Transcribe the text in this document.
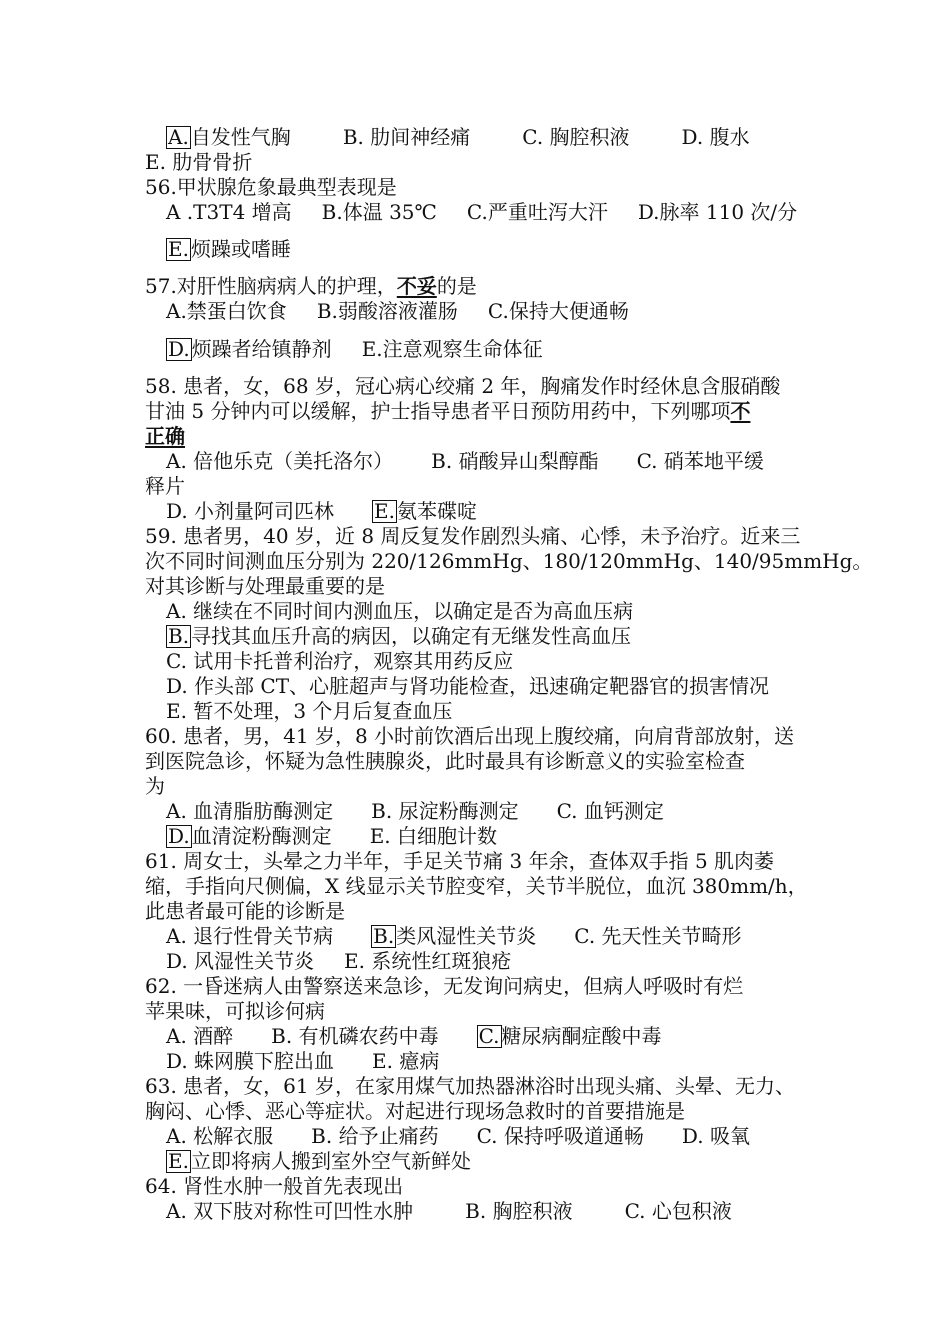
A. 自发性气胸	B. 肋间神经痛	C. 胸腔积液	D. 腹水
E. 肋骨骨折
56.甲状腺危象最典型表现是
A .T3T4 增高 B.体温 35℃ C.严重吐泻大汗 D.脉率 110 次/分
E. 烦躁或嗜睡
57.对肝性脑病病人的护理，不妥的是
A.禁蛋白饮食 B.弱酸溶液灌肠 C.保持大便通畅
D. 烦躁者给镇静剂 E.注意观察生命体征
58. 患者，女，68 岁，冠心病心绞痛 2 年，胸痛发作时经休息含服硝酸
甘油 5 分钟内可以缓解，护士指导患者平日预防用药中，下列哪项不
正确
A. 倍他乐克（美托洛尔） B. 硝酸异山梨醇酯 C. 硝苯地平缓
释片
D. 小剂量阿司匹林 E. 氨苯碟啶
59. 患者男，40 岁，近 8 周反复发作剧烈头痛、心悸，未予治疗。近来三
次不同时间测血压分别为 220/126mmHg、180/120mmHg、140/95mmHg。
对其诊断与处理最重要的是
A. 继续在不同时间内测血压，以确定是否为高血压病
B. 寻找其血压升高的病因，以确定有无继发性高血压
C. 试用卡托普利治疗，观察其用药反应
D. 作头部 CT、心脏超声与肾功能检查，迅速确定靶器官的损害情况
E. 暂不处理，3 个月后复查血压
60. 患者，男，41 岁，8 小时前饮酒后出现上腹绞痛，向肩背部放射，送
到医院急诊，怀疑为急性胰腺炎，此时最具有诊断意义的实验室检查
为
A. 血清脂肪酶测定 B. 尿淀粉酶测定 C. 血钙测定
D. 血清淀粉酶测定 E. 白细胞计数
61. 周女士，头晕之力半年，手足关节痛 3 年余，查体双手指 5 肌肉萎
缩，手指向尺侧偏，X 线显示关节腔变窄，关节半脱位，血沉 380mm/h，
此患者最可能的诊断是
A. 退行性骨关节病 B. 类风湿性关节炎 C. 先天性关节畸形
D. 风湿性关节炎 E. 系统性红斑狼疮
62. 一昏迷病人由警察送来急诊，无发询问病史，但病人呼吸时有烂
苹果味，可拟诊何病
A. 酒醉 B. 有机磷农药中毒 C. 糖尿病酮症酸中毒
D. 蛛网膜下腔出血 E. 癔病
63. 患者，女，61 岁，在家用煤气加热器淋浴时出现头痛、头晕、无力、
胸闷、心悸、恶心等症状。对起进行现场急救时的首要措施是
A. 松解衣服 B. 给予止痛药 C. 保持呼吸道通畅 D. 吸氧
E. 立即将病人搬到室外空气新鲜处
64. 肾性水肿一般首先表现出
A. 双下肢对称性可凹性水肿	B. 胸腔积液	C. 心包积液
